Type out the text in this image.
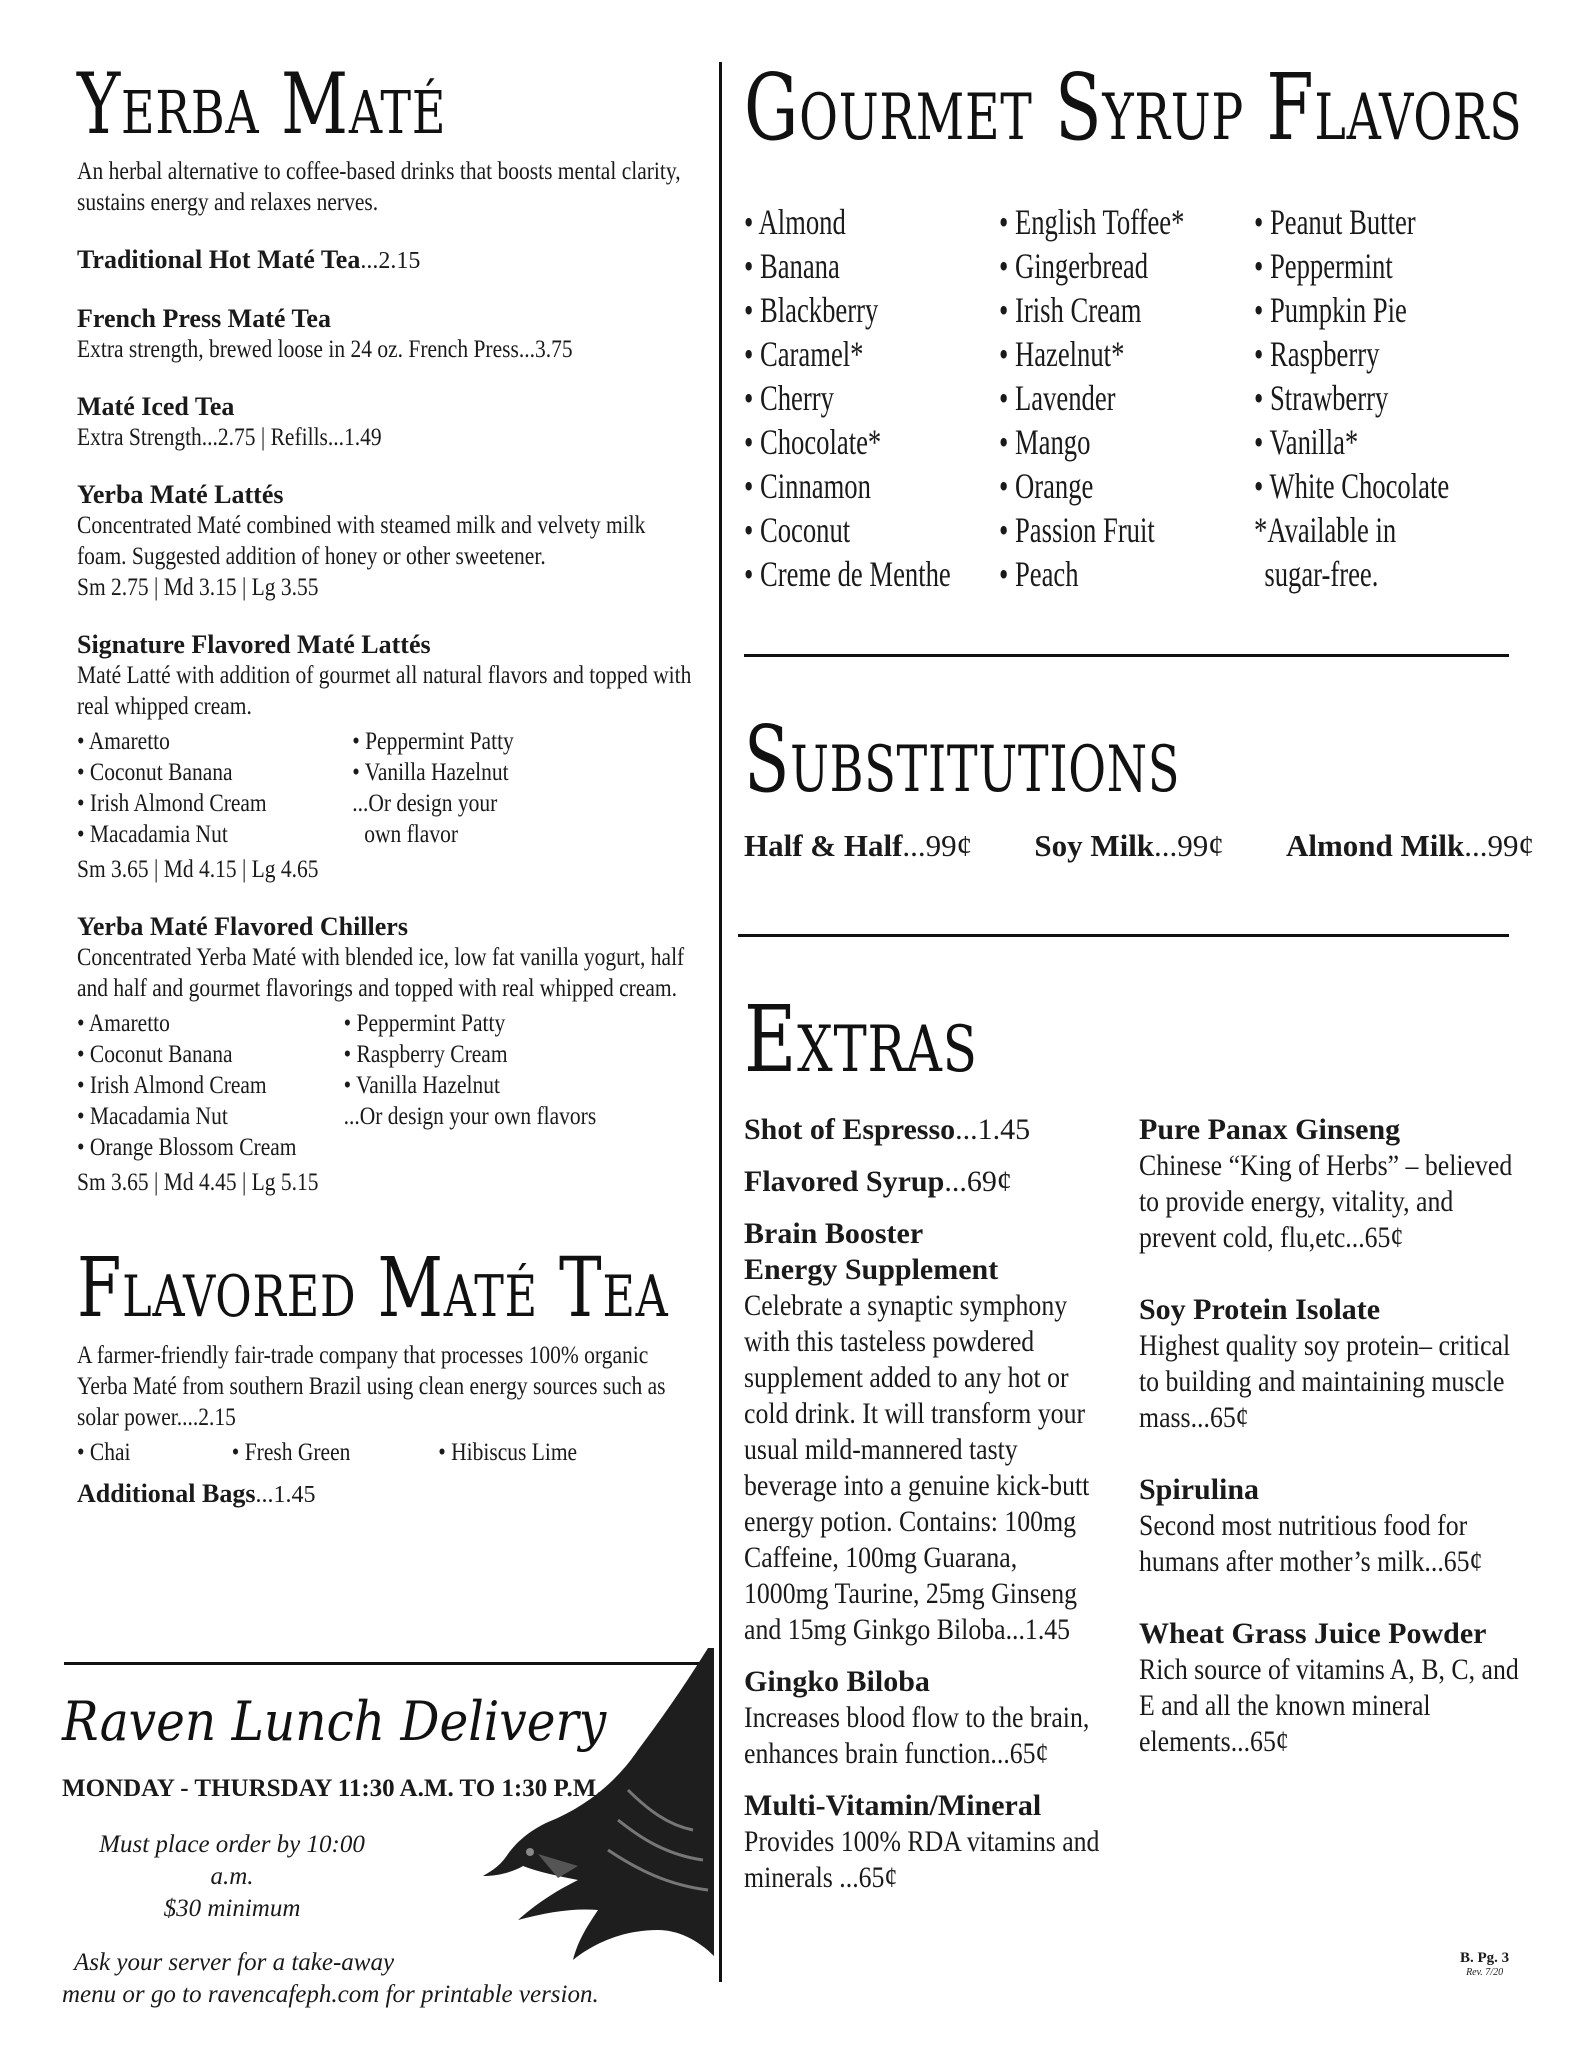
Yerba Maté

An herbal alternative to coffee-based drinks that boosts mental clarity, sustains energy and relaxes nerves.

Traditional Hot Maté Tea...2.15

French Press Maté Tea

Extra strength, brewed loose in 24 oz. French Press...3.75

Maté Iced Tea

Extra Strength...2.75 | Refills...1.49

Yerba Maté Lattés

Concentrated Maté combined with steamed milk and velvety milk foam. Suggested addition of honey or other sweetener.

Sm 2.75 | Md 3.15 | Lg 3.55

Signature Flavored Maté Lattés

Maté Latté with addition of gourmet all natural flavors and topped with real whipped cream.

• Amaretto	• Peppermint Patty
• Coconut Banana	• Vanilla Hazelnut
• Irish Almond Cream	...Or design your
• Macadamia Nut	own flavor

Sm 3.65 | Md 4.15 | Lg 4.65

Yerba Maté Flavored Chillers

Concentrated Yerba Maté with blended ice, low fat vanilla yogurt, half and half and gourmet flavorings and topped with real whipped cream.

• Amaretto	• Peppermint Patty
• Coconut Banana	• Raspberry Cream
• Irish Almond Cream	• Vanilla Hazelnut
• Macadamia Nut	...Or design your own flavors
• Orange Blossom Cream

Sm 3.65 | Md 4.45 | Lg 5.15

Flavored Maté Tea

A farmer-friendly fair-trade company that processes 100% organic Yerba Maté from southern Brazil using clean energy sources such as solar power....2.15

• Chai	• Fresh Green	• Hibiscus Lime

Additional Bags...1.45

Raven Lunch Delivery

MONDAY - THURSDAY 11:30 A.M. TO 1:30 P.M.

Must place order by 10:00 a.m.

$30 minimum

Ask your server for a take-away

menu or go to ravencafeph.com for printable version.

Gourmet Syrup Flavors
• Almond
• Banana
• Blackberry
• Caramel*
• Cherry
• Chocolate*
• Cinnamon
• Coconut
• Creme de Menthe
• English Toffee*
• Gingerbread
• Irish Cream
• Hazelnut*
• Lavender
• Mango
• Orange
• Passion Fruit
• Peach
• Peanut Butter
• Peppermint
• Pumpkin Pie
• Raspberry
• Strawberry
• Vanilla*
• White Chocolate
*Available in
sugar-free.
Substitutions
Half & Half...99¢ Soy Milk...99¢ Almond Milk...99¢
Extras

Shot of Espresso...1.45

Flavored Syrup...69¢

Brain Booster

Energy Supplement

Celebrate a synaptic symphony with this tasteless powdered supplement added to any hot or cold drink. It will transform your usual mild-mannered tasty beverage into a genuine kick-butt energy potion. Contains: 100mg Caffeine, 100mg Guarana, 1000mg Taurine, 25mg Ginseng and 15mg Ginkgo Biloba...1.45

Gingko Biloba

Increases blood flow to the brain, enhances brain function...65¢

Multi-Vitamin/Mineral

Provides 100% RDA vitamins and minerals ...65¢

Pure Panax Ginseng

Chinese “King of Herbs” – believed to provide energy, vitality, and prevent cold, flu,etc...65¢

Soy Protein Isolate

Highest quality soy protein– critical to building and maintaining muscle mass...65¢

Spirulina

Second most nutritious food for humans after mother’s milk...65¢

Wheat Grass Juice Powder

Rich source of vitamins A, B, C, and E and all the known mineral elements...65¢

B. Pg. 3
Rev. 7/20
